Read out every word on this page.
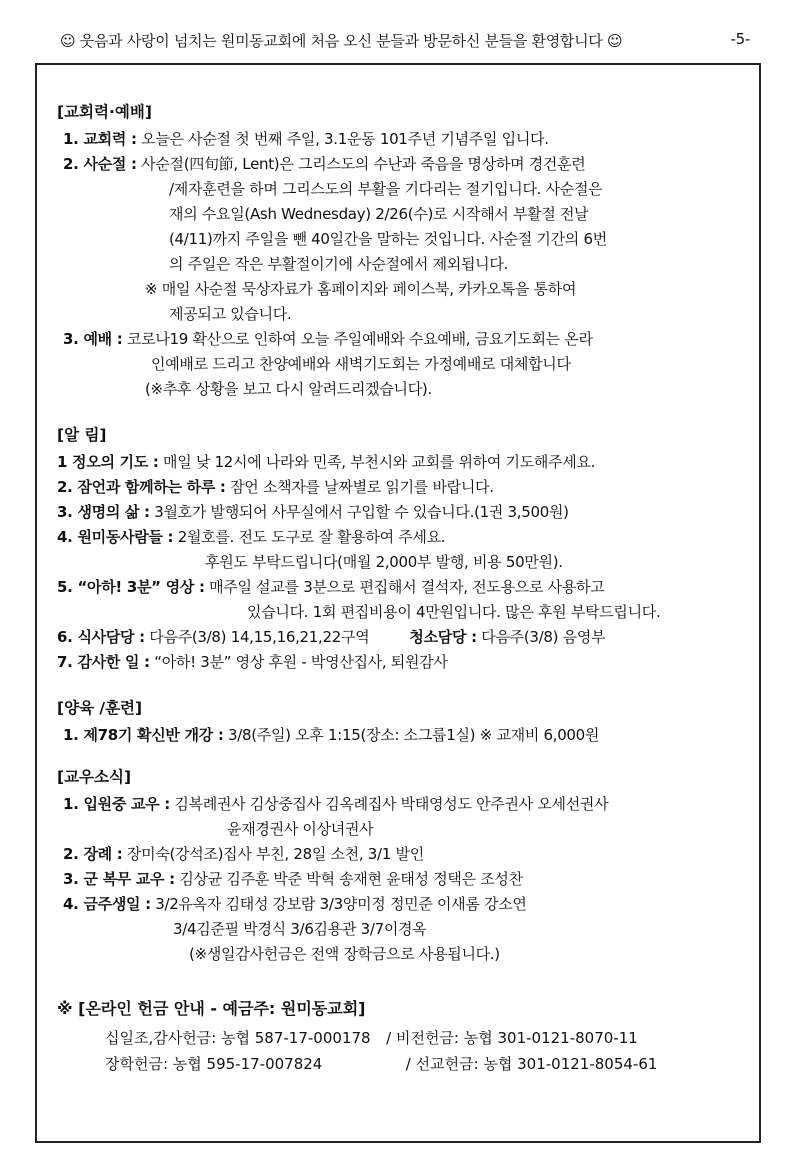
☺ 웃음과 사랑이 넘치는 원미동교회에 처음 오신 분들과 방문하신 분들을 환영합니다 ☺	-5-
[교회력·예배]
1. 교회력 : 오늘은 사순절 첫 번째 주일, 3.1운동 101주년 기념주일 입니다.
2. 사순절 : 사순절(四旬節, Lent)은 그리스도의 수난과 죽음을 명상하며 경건훈련
/제자훈련을 하며 그리스도의 부활을 기다리는 절기입니다. 사순절은
재의 수요일(Ash Wednesday) 2/26(수)로 시작해서 부활절 전날
(4/11)까지 주일을 뺀 40일간을 말하는 것입니다. 사순절 기간의 6번
의 주일은 작은 부활절이기에 사순절에서 제외됩니다.
※ 매일 사순절 묵상자료가 홈페이지와 페이스북, 카카오톡을 통하여
제공되고 있습니다.
3. 예배 : 코로나19 확산으로 인하여 오늘 주일예배와 수요예배, 금요기도회는 온라
인예배로 드리고 찬양예배와 새벽기도회는 가정예배로 대체합니다
(※추후 상황을 보고 다시 알려드리겠습니다).
[알 림]
1 정오의 기도 : 매일 낮 12시에 나라와 민족, 부천시와 교회를 위하여 기도해주세요.
2. 잠언과 함께하는 하루 : 잠언 소책자를 날짜별로 읽기를 바랍니다.
3. 생명의 삶 : 3월호가 발행되어 사무실에서 구입할 수 있습니다.(1권 3,500원)
4. 원미동사람들 : 2월호를. 전도 도구로 잘 활용하여 주세요.
후원도 부탁드립니다(매월 2,000부 발행, 비용 50만원).
5. “아하! 3분” 영상 : 매주일 설교를 3분으로 편집해서 결석자, 전도용으로 사용하고
있습니다. 1회 편집비용이 4만원입니다. 많은 후원 부탁드립니다.
6. 식사담당 : 다음주(3/8) 14,15,16,21,22구역	청소담당 : 다음주(3/8) 음영부
7. 감사한 일 : “아하! 3분” 영상 후원 - 박영산집사, 퇴원감사
[양육 /훈련]
1. 제78기 확신반 개강 : 3/8(주일) 오후 1:15(장소: 소그룹1실) ※ 교재비 6,000원
[교우소식]
1. 입원중 교우 : 김복례권사 김상중집사 김옥례집사 박태영성도 안주권사 오세선권사
윤재경권사 이상녀권사
2. 장례 : 장미숙(강석조)집사 부친, 28일 소천, 3/1 발인
3. 군 복무 교우 : 김상균 김주훈 박준 박혁 송재현 윤태성 정택은 조성찬
4. 금주생일 : 3/2유옥자 김태성 강보람 3/3양미정 정민준 이새롬 강소연
3/4김준필 박경식 3/6김용관 3/7이경옥
(※생일감사헌금은 전액 장학금으로 사용됩니다.)
※ [온라인 헌금 안내 - 예금주: 원미동교회]
십일조,감사헌금: 농협 587-17-000178 / 비전헌금: 농협 301-0121-8070-11
장학헌금: 농협 595-17-007824	/ 선교헌금: 농협 301-0121-8054-61
